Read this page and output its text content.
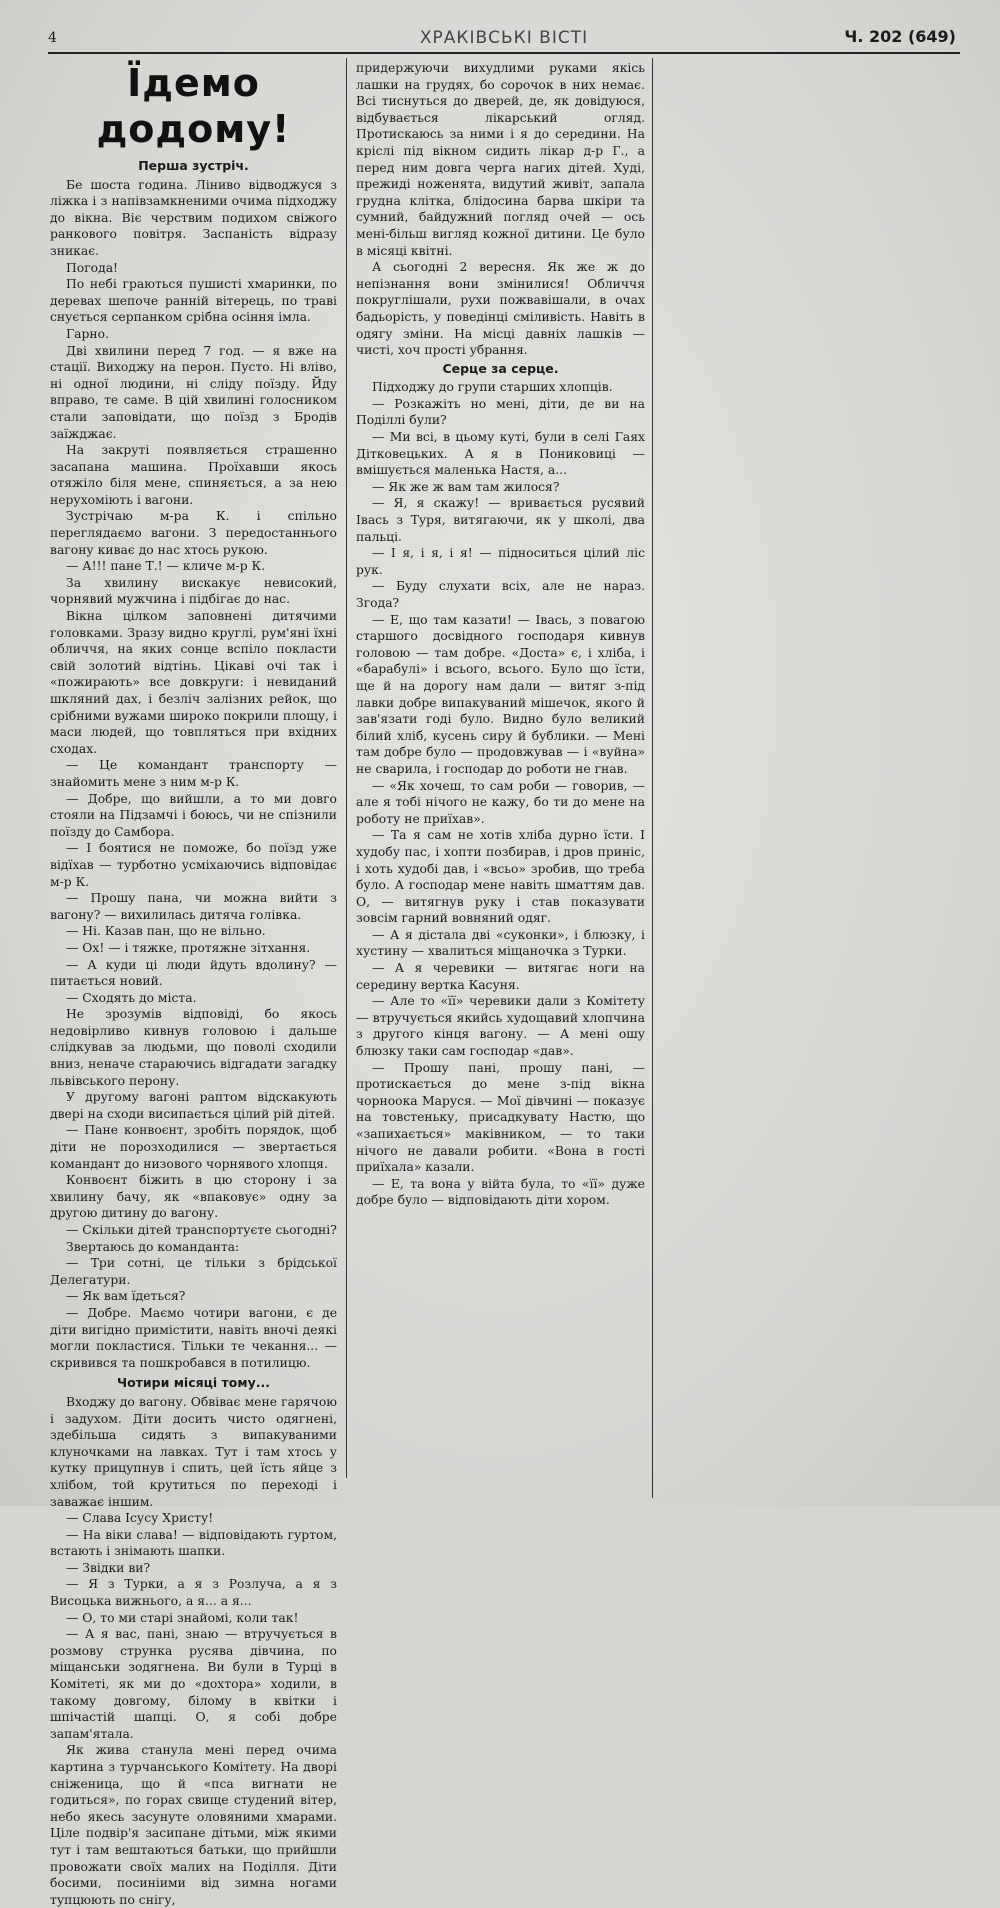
4	ХРАКІВСЬКІ ВІСТІ	Ч. 202 (649)
Їдемо додому!
Перша зустріч.

Бе шоста година. Ліниво відводжуся з ліжка і з напівзамкненими очима підходжу до вікна. Віє черствим подихом свіжого ранкового повітря. Заспаність відразу зникає.

Погода!

По небі граються пушисті хмаринки, по деревах шепоче ранній вітерець, по траві снується серпанком срібна осіння імла.

Гарно.

Дві хвилини перед 7 год. — я вже на стації. Виходжу на перон. Пусто. Ні вліво, ні одної людини, ні сліду поїзду. Йду вправо, те саме. В цій хвилині голосником стали заповідати, що поїзд з Бродів заїжджає.

На закруті появляється страшенно засапана машина. Проїхавши якось отяжіло біля мене, спиняється, а за нею нерухоміють і вагони.

Зустрічаю м-ра К. і спільно переглядаємо вагони. З передостаннього вагону киває до нас хтось рукою.

— А!!! пане Т.! — кличе м-р К.

За хвилину вискакує невисокий, чорнявий мужчина і підбігає до нас.

Вікна цілком заповнені дитячими головками. Зразу видно круглі, рум'яні їхні обличчя, на яких сонце вспіло покласти свій золотий відтінь. Цікаві очі так і «пожирають» все довкруги: і невиданий шкляний дах, і безліч залізних рейок, що срібними вужами широко покрили площу, і маси людей, що товпляться при вхідних сходах.

— Це командант транспорту — знайомить мене з ним м-р К.

— Добре, що вийшли, а то ми довго стояли на Підзамчі і боюсь, чи не спізнили поїзду до Самбора.

— І боятися не поможе, бо поїзд уже відїхав — турботно усміхаючись відповідає м-р К.

— Прошу пана, чи можна вийти з вагону? — вихилилась дитяча голівка.

— Ні. Казав пан, що не вільно.

— Ох! — і тяжке, протяжне зітхання.

— А куди ці люди йдуть вдолину? — питається новий.

— Сходять до міста.

Не зрозумів відповіді, бо якось недовірливо кивнув головою і дальше слідкував за людьми, що поволі сходили вниз, неначе стараючись відгадати загадку львівського перону.

У другому вагоні раптом відскакують двері на сходи висипається цілий рій дітей.

— Пане конвоєнт, зробіть порядок, щоб діти не порозходилися — звертається командант до низового чорнявого хлопця.

Конвоєнт біжить в цю сторону і за хвилину бачу, як «впаковує» одну за другою дитину до вагону.

— Скільки дітей транспортуєте сьогодні?

Звертаюсь до команданта:

— Три сотні, це тільки з брідської Делегатури.

— Як вам їдеться?

— Добре. Маємо чотири вагони, є де діти вигідно примістити, навіть вночі деякі могли покластися. Тільки те чекання... — скривився та пошкробався в потилицю.

Чотири місяці тому...

Входжу до вагону. Обвіває мене гарячою і задухом. Діти досить чисто одягнені, здебільша сидять з випакуваними клуночками на лавках. Тут і там хтось у кутку прицупнув і спить, цей їсть яйце з хлібом, той крутиться по переході і заважає іншим.

— Слава Ісусу Христу!

— На віки слава! — відповідають гуртом, встають і знімають шапки.

— Звідки ви?

— Я з Турки, а я з Розлуча, а я з Висоцька вижнього, а я... а я...

— О, то ми старі знайомі, коли так!

— А я вас, пані, знаю — втручується в розмову струнка русява дівчина, по міщанськи зодягнена. Ви були в Турці в Комітеті, як ми до «дохтора» ходили, в такому довгому, білому в квітки і шпічастій шапці. О, я собі добре запам'ятала.

Як жива станула мені перед очима картина з турчанського Комітету. На дворі сніженица, що й «пса вигнати не годиться», по горах свище студений вітер, небо якесь засунуте оловяними хмарами. Ціле подвір'я засипане дітьми, між якими тут і там вештаються батьки, що прийшли провожати своїх малих на Поділля. Діти босими, посиніими від зимна ногами тупцюють по снігу,

придержуючи вихудлими руками якісь лашки на грудях, бо сорочок в них немає. Всі тиснуться до дверей, де, як довідуюся, відбувається лікарський огляд. Протискаюсь за ними і я до середини. На кріслі під вікном сидить лікар д-р Г., а перед ним довга черга нагих дітей. Худі, прежиді ноженята, видутий живіт, запала грудна клітка, блідосина барва шкіри та сумний, байдужний погляд очей — ось мені-більш вигляд кожної дитини. Це було в місяці квітні.

А сьогодні 2 вересня. Як же ж до непізнання вони змінилися! Обличчя покруглішали, рухи пожвавішали, в очах бадьорість, у поведінці сміливість. Навіть в одягу зміни. На місці давніх лашків — чисті, хоч прості убрання.

Серце за серце.

Підходжу до групи старших хлопців.

— Розкажіть но мені, діти, де ви на Поділлі були?

— Ми всі, в цьому куті, були в селі Гаях Діткoвецьких. А я в Поникoвиці — вмішується маленька Настя, а...

— Як же ж вам там жилося?

— Я, я скажу! — вривається русявий Івась з Туря, витягаючи, як у школі, два пальці.

— І я, і я, і я! — підноситься цілий ліс рук.

— Буду слухати всіх, але не нараз. Згода?

— Е, що там казати! — Івась, з повагою старшого досвідного господаря кивнув головою — там добре. «Доста» є, і хліба, і «барабулі» і всього, всього. Було що їсти, ще й на дорогу нам дали — витяг з-під лавки добре випакуваний мішечок, якого й зав'язати годі було. Видно було великий білий хліб, кусень сиру й бублики. — Мені там добре було — продовжував — і «вуйна» не сварила, і господар до роботи не гнав.

— «Як хочеш, то сам роби — говорив, — але я тобі нічого не кажу, бо ти до мене на роботу не приїхав».

— Та я сам не хотів хліба дурно їсти. І худобу пас, і хопти позбирав, і дров приніс, і хоть худобі дав, і «всьо» зробив, що треба було. А господар мене навіть шматтям дав. О, — витягнув руку і став показувати зовсім гарний вовняний одяг.

— А я дістала дві «суконки», і блюзку, і хустину — хвалиться міщаночка з Турки.

— А я черевики — витягає ноги на середину вертка Касуня.

— Але то «її» черевики дали з Комітету — втручується якийсь худощавий хлопчина з другого кінця вагону. — А мені ошу блюзку таки сам господар «дав».

— Прошу пані, прошу пані, — протискається до мене з-під вікна чорноока Маруся. — Мої дівчині — показує на товстеньку, присадкувату Настю, що «запихається» маківником, — то таки нічого не давали робити. «Вона в гості приїхала» казали.

— Е, та вона у війта була, то «її» дуже добре було — відповідають діти хором.
